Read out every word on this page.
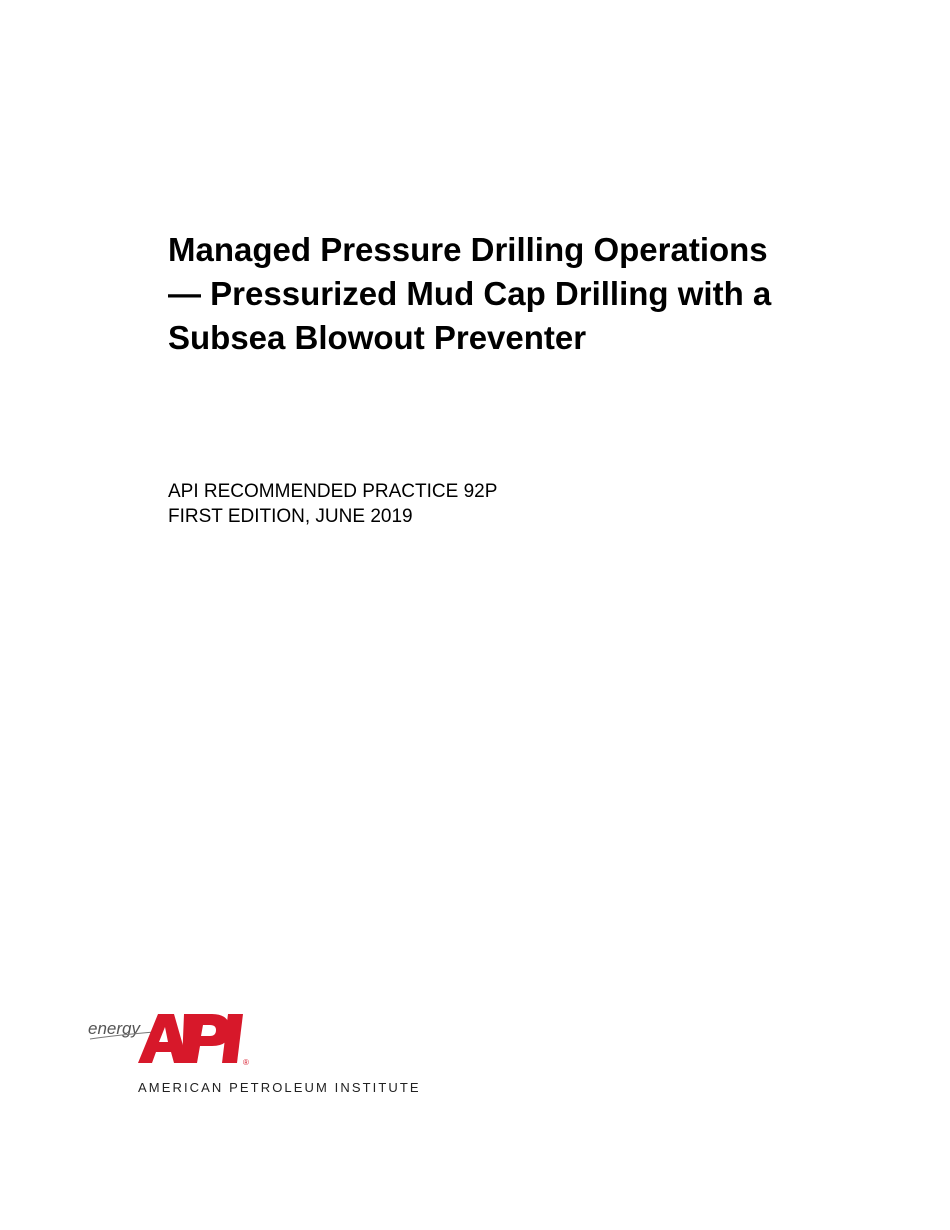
Managed Pressure Drilling Operations
— Pressurized Mud Cap Drilling with a
Subsea Blowout Preventer
API RECOMMENDED PRACTICE 92P
FIRST EDITION, JUNE 2019
energy
®
AMERICAN PETROLEUM INSTITUTE
